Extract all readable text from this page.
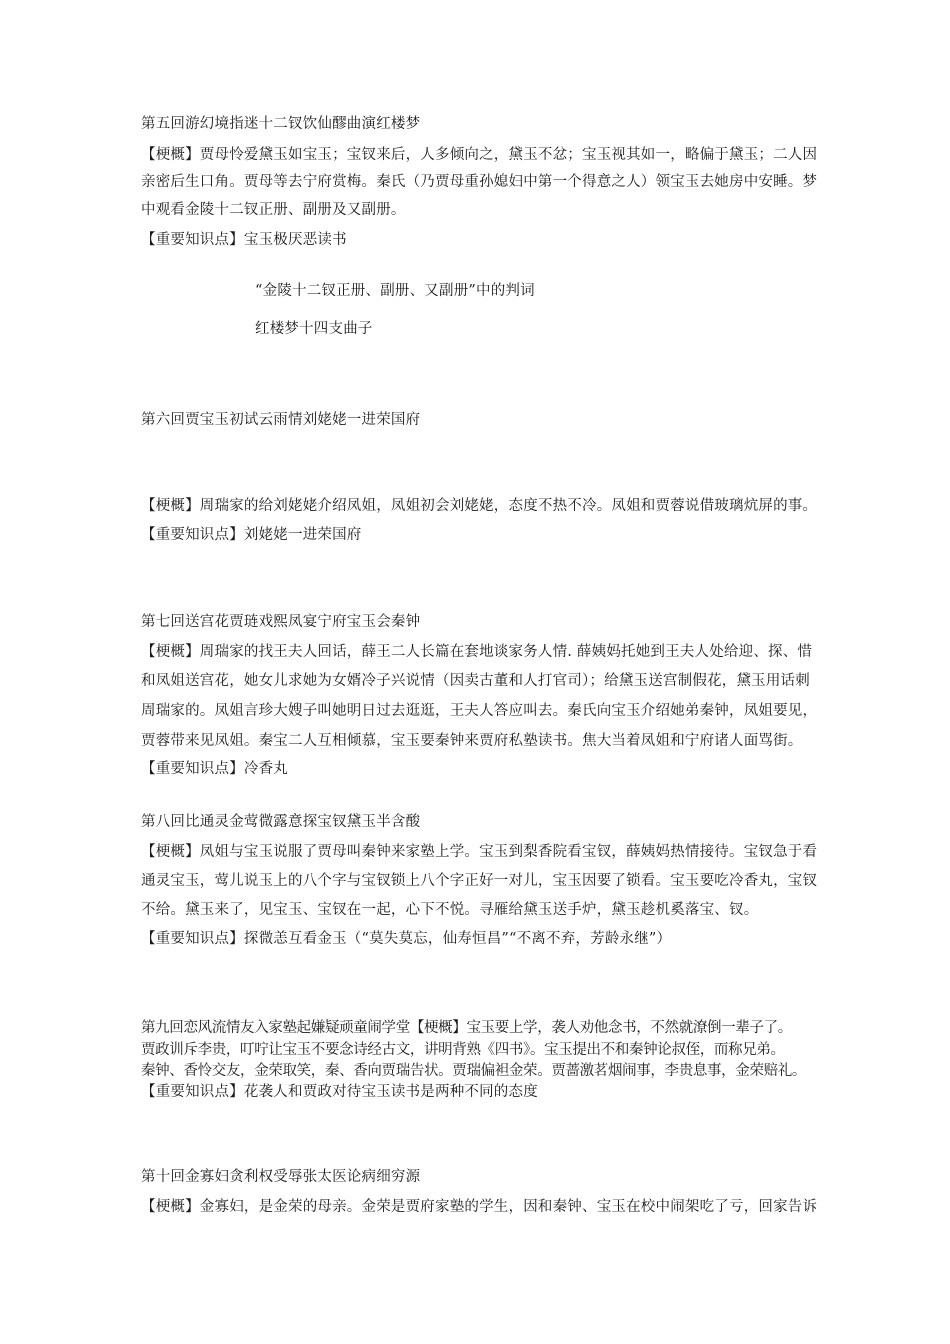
第五回游幻境指迷十二钗饮仙醪曲演红楼梦
【梗概】贾母怜爱黛玉如宝玉；宝钗来后，人多倾向之，黛玉不忿；宝玉视其如一，略偏于黛玉；二人因
亲密后生口角。贾母等去宁府赏梅。秦氏（乃贾母重孙媳妇中第一个得意之人）领宝玉去她房中安睡。梦
中观看金陵十二钗正册、副册及又副册。
【重要知识点】宝玉极厌恶读书
“金陵十二钗正册、副册、又副册”中的判词
红楼梦十四支曲子
第六回贾宝玉初试云雨情刘姥姥一进荣国府
【梗概】周瑞家的给刘姥姥介绍凤姐，凤姐初会刘姥姥，态度不热不冷。凤姐和贾蓉说借玻璃炕屏的事。
【重要知识点】刘姥姥一进荣国府
第七回送宫花贾琏戏熙凤宴宁府宝玉会秦钟
【梗概】周瑞家的找王夫人回话，薛王二人长篇在套地谈家务人情. 薛姨妈托她到王夫人处给迎、探、惜
和凤姐送宫花，她女儿求她为女婿冷子兴说情（因卖古董和人打官司）；给黛玉送宫制假花，黛玉用话刺
周瑞家的。凤姐言珍大嫂子叫她明日过去逛逛，王夫人答应叫去。秦氏向宝玉介绍她弟秦钟，凤姐要见，
贾蓉带来见凤姐。秦宝二人互相倾慕，宝玉要秦钟来贾府私塾读书。焦大当着凤姐和宁府诸人面骂街。
【重要知识点】冷香丸
第八回比通灵金莺微露意探宝钗黛玉半含酸
【梗概】凤姐与宝玉说服了贾母叫秦钟来家塾上学。宝玉到梨香院看宝钗，薛姨妈热情接待。宝钗急于看
通灵宝玉，莺儿说玉上的八个字与宝钗锁上八个字正好一对儿，宝玉因要了锁看。宝玉要吃冷香丸，宝钗
不给。黛玉来了，见宝玉、宝钗在一起，心下不悦。寻雁给黛玉送手炉，黛玉趁机奚落宝、钗。
【重要知识点】探微恙互看金玉（“莫失莫忘，仙寿恒昌”“不离不弃，芳龄永继”）
第九回恋风流情友入家塾起嫌疑顽童闹学堂【梗概】宝玉要上学，袭人劝他念书，不然就潦倒一辈子了。
贾政训斥李贵，叮咛让宝玉不要念诗经古文，讲明背熟《四书》。宝玉提出不和秦钟论叔侄，而称兄弟。
秦钟、香怜交友，金荣取笑，秦、香向贾瑞告状。贾瑞偏袒金荣。贾蔷激茗烟闹事，李贵息事，金荣赔礼。
【重要知识点】花袭人和贾政对待宝玉读书是两种不同的态度
第十回金寡妇贪利权受辱张太医论病细穷源
【梗概】金寡妇，是金荣的母亲。金荣是贾府家塾的学生，因和秦钟、宝玉在校中闹架吃了亏，回家告诉
